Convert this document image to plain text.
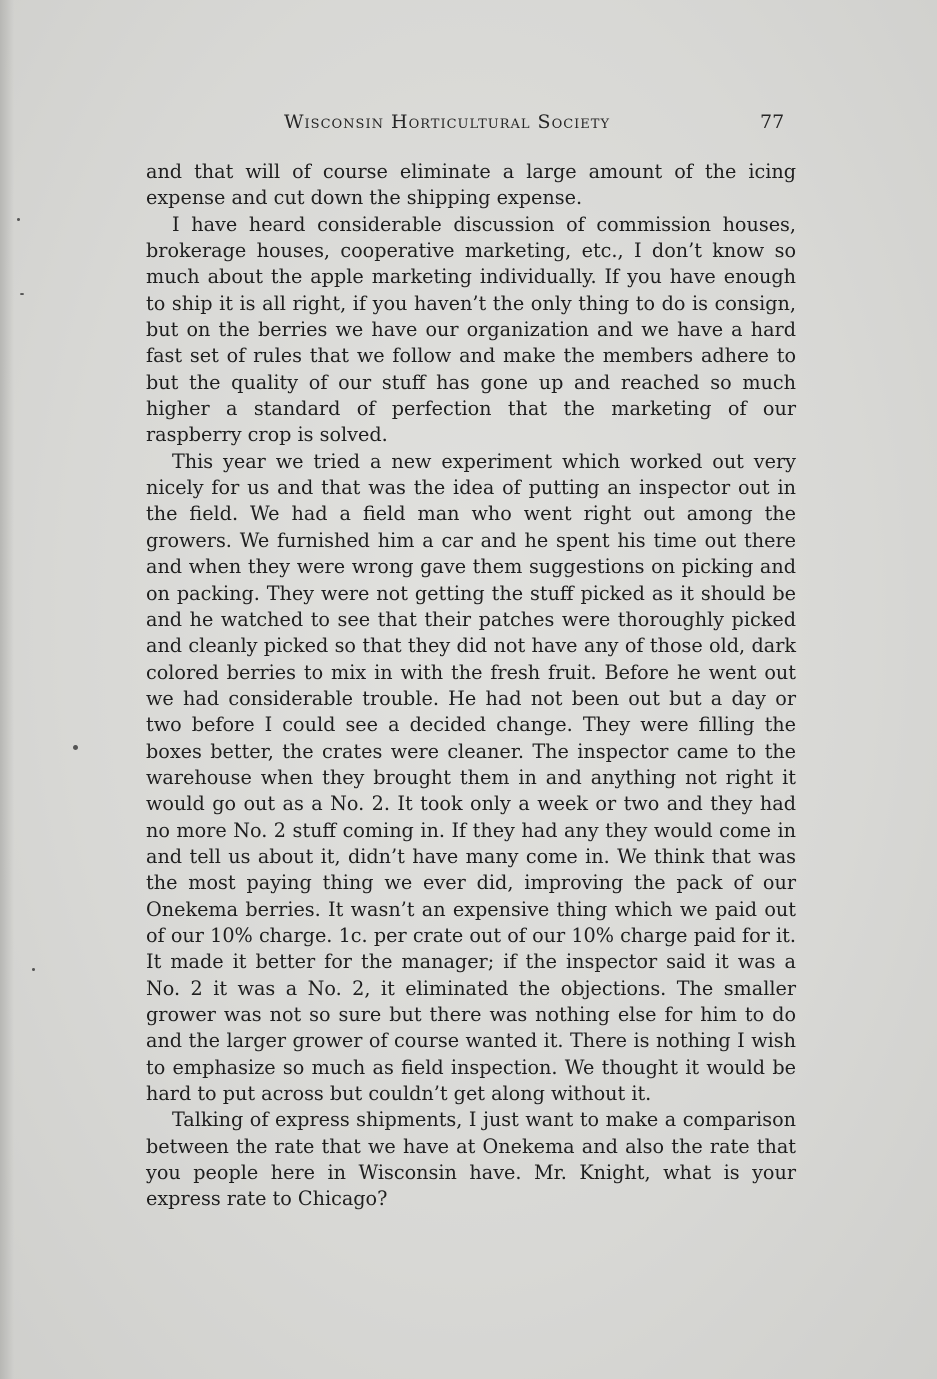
Wisconsin Horticultural Society	77

and that will of course eliminate a large amount of the icing expense and cut down the shipping expense.

I have heard considerable discussion of commission houses, brokerage houses, cooperative marketing, etc., I don’t know so much about the apple marketing individually. If you have enough to ship it is all right, if you haven’t the only thing to do is consign, but on the berries we have our organization and we have a hard fast set of rules that we follow and make the members adhere to but the quality of our stuff has gone up and reached so much higher a standard of perfection that the marketing of our raspberry crop is solved.

This year we tried a new experiment which worked out very nicely for us and that was the idea of putting an inspector out in the field. We had a field man who went right out among the growers. We furnished him a car and he spent his time out there and when they were wrong gave them suggestions on picking and on packing. They were not getting the stuff picked as it should be and he watched to see that their patches were thoroughly picked and cleanly picked so that they did not have any of those old, dark colored berries to mix in with the fresh fruit. Before he went out we had considerable trouble. He had not been out but a day or two before I could see a decided change. They were filling the boxes better, the crates were cleaner. The inspector came to the warehouse when they brought them in and anything not right it would go out as a No. 2. It took only a week or two and they had no more No. 2 stuff coming in. If they had any they would come in and tell us about it, didn’t have many come in. We think that was the most paying thing we ever did, improving the pack of our Onekema berries. It wasn’t an expensive thing which we paid out of our 10% charge. 1c. per crate out of our 10% charge paid for it. It made it better for the manager; if the inspector said it was a No. 2 it was a No. 2, it eliminated the objections. The smaller grower was not so sure but there was nothing else for him to do and the larger grower of course wanted it. There is nothing I wish to emphasize so much as field inspection. We thought it would be hard to put across but couldn’t get along without it.

Talking of express shipments, I just want to make a comparison between the rate that we have at Onekema and also the rate that you people here in Wisconsin have. Mr. Knight, what is your express rate to Chicago?
